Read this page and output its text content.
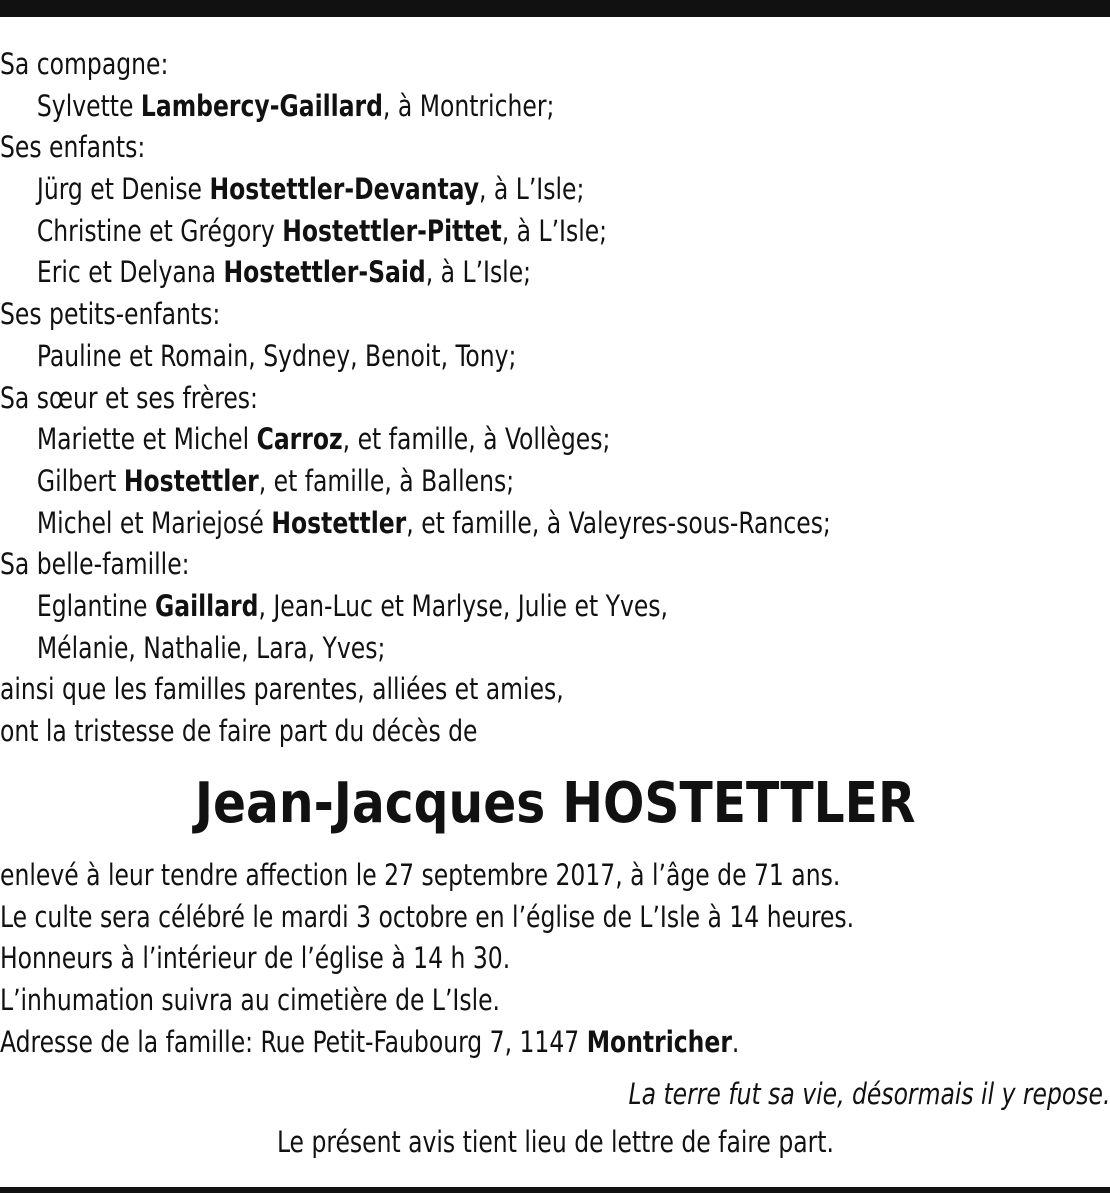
Sa compagne:
Sylvette Lambercy-Gaillard, à Montricher;
Ses enfants:
Jürg et Denise Hostettler-Devantay, à L’Isle;
Christine et Grégory Hostettler-Pittet, à L’Isle;
Eric et Delyana Hostettler-Said, à L’Isle;
Ses petits-enfants:
Pauline et Romain, Sydney, Benoit, Tony;
Sa sœur et ses frères:
Mariette et Michel Carroz, et famille, à Vollèges;
Gilbert Hostettler, et famille, à Ballens;
Michel et Mariejosé Hostettler, et famille, à Valeyres-sous-Rances;
Sa belle-famille:
Eglantine Gaillard, Jean-Luc et Marlyse, Julie et Yves,
Mélanie, Nathalie, Lara, Yves;
ainsi que les familles parentes, alliées et amies,
ont la tristesse de faire part du décès de
Jean-Jacques HOSTETTLER
enlevé à leur tendre affection le 27 septembre 2017, à l’âge de 71 ans.
Le culte sera célébré le mardi 3 octobre en l’église de L’Isle à 14 heures.
Honneurs à l’intérieur de l’église à 14 h 30.
L’inhumation suivra au cimetière de L’Isle.
Adresse de la famille: Rue Petit-Faubourg 7, 1147 Montricher.
La terre fut sa vie, désormais il y repose.
Le présent avis tient lieu de lettre de faire part.
